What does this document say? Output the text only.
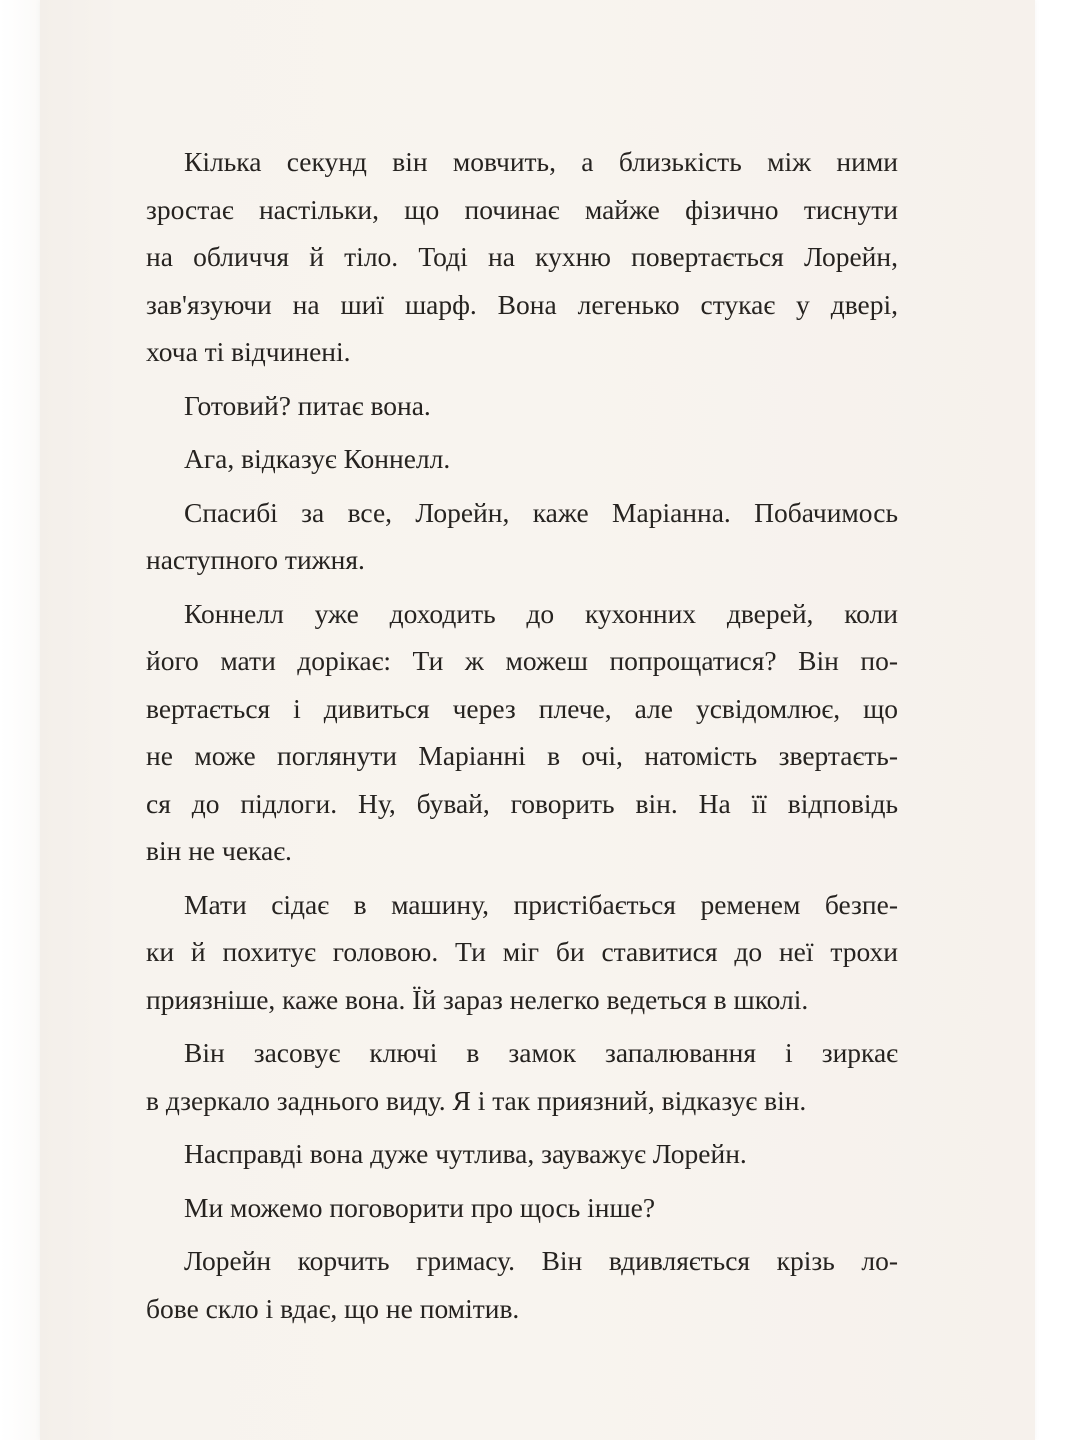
Кілька секунд він мовчить, а близькість між ними
зростає настільки, що починає майже фізично тиснути
на обличчя й тіло. Тоді на кухню повертається Лорейн,
зав'язуючи на шиї шарф. Вона легенько стукає у двері,
хоча ті відчинені.
Готовий? питає вона.
Ага, відказує Коннелл.
Спасибі за все, Лорейн, каже Маріанна. Побачимось
наступного тижня.
Коннелл уже доходить до кухонних дверей, коли
його мати дорікає: Ти ж можеш попрощатися? Він по-
вертається і дивиться через плече, але усвідомлює, що
не може поглянути Маріанні в очі, натомість звертаєть-
ся до підлоги. Ну, бувай, говорить він. На її відповідь
він не чекає.
Мати сідає в машину, пристібається ременем безпе-
ки й похитує головою. Ти міг би ставитися до неї трохи
приязніше, каже вона. Їй зараз нелегко ведеться в школі.
Він засовує ключі в замок запалювання і зиркає
в дзеркало заднього виду. Я і так приязний, відказує він.
Насправді вона дуже чутлива, зауважує Лорейн.
Ми можемо поговорити про щось інше?
Лорейн корчить гримасу. Він вдивляється крізь ло-
бове скло і вдає, що не помітив.
